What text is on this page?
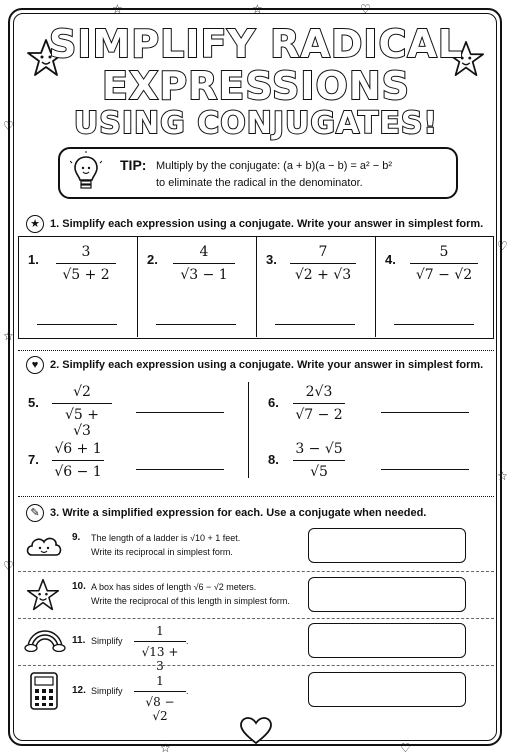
☆	☆	♡
♡
☆
♡
☆
♡
☆	♡
SIMPLIFY RADICAL
EXPRESSIONS
USING CONJUGATES!
TIP: Multiply by the conjugate: (a + b)(a − b) = a² − b²
to eliminate the radical in the denominator.
★ 1. Simplify each expression using a conjugate. Write your answer in simplest form.
1.	3
√5 + 2
2.	4
√3 − 1
3.	7
√2 + √3
4.	5
√7 − √2
♥	2. Simplify each expression using a conjugate. Write your answer in simplest form.
5.
√2
√5 + √3
6.
2√3
√7 − 2
7.
√6 + 1
√6 − 1
8.
3 − √5
√5
✎ 3. Write a simplified expression for each. Use a conjugate when needed.
9. The length of a ladder is √10 + 1 feet.
Write its reciprocal in simplest form.
10. A box has sides of length √6 − √2 meters.
Write the reciprocal of this length in simplest form.
11. Simplify
1
√13 + 3
.
12. Simplify
1
√8 − √2
.
